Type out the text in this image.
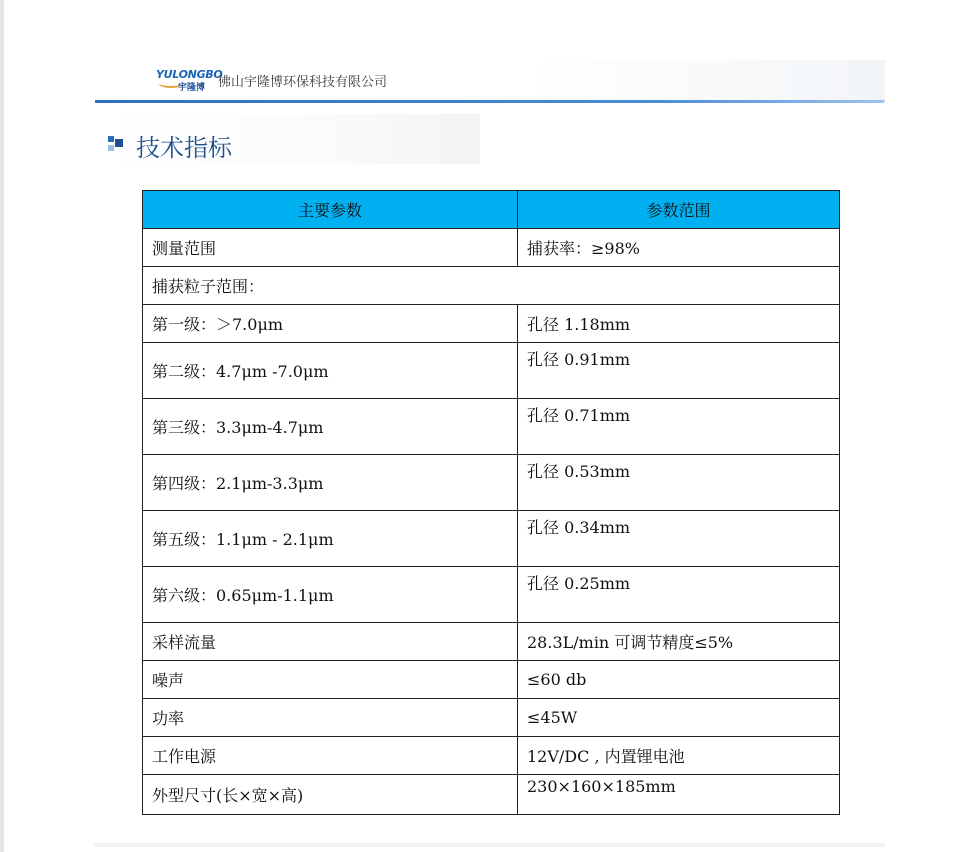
YULONGBO
宇隆博 佛山宇隆博环保科技有限公司
技术指标
主要参数	参数范围
测量范围	捕获率：≥98%
捕获粒子范围：	
第一级：＞7.0μm	孔径 1.18mm
第二级：4.7μm -7.0μm	孔径 0.91mm
第三级：3.3μm-4.7μm	孔径 0.71mm
第四级：2.1μm-3.3μm	孔径 0.53mm
第五级：1.1μm - 2.1μm	孔径 0.34mm
第六级：0.65μm-1.1μm	孔径 0.25mm
采样流量	28.3L/min 可调节精度≤5%
噪声	≤60 db
功率	≤45W
工作电源	12V/DC , 内置锂电池
外型尺寸(长×宽×高)	230×160×185mm
